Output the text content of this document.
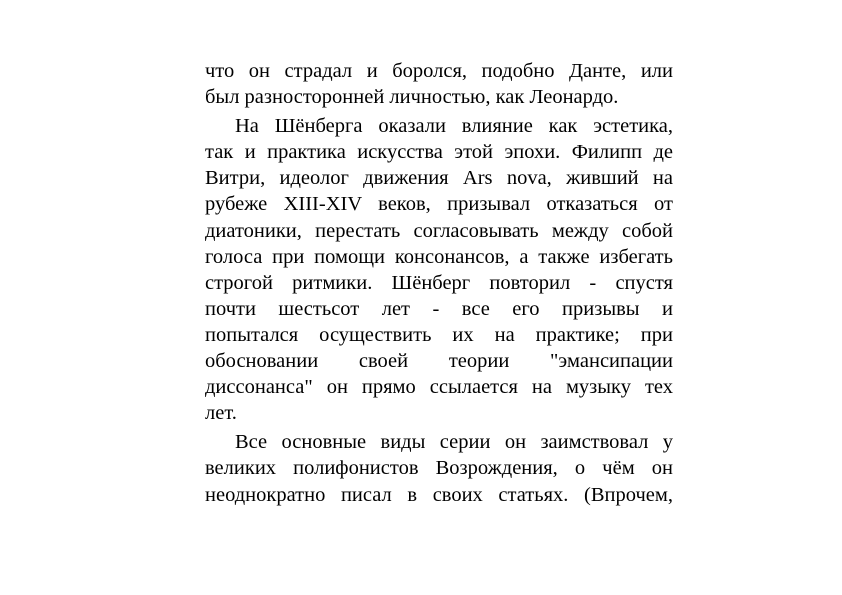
что он страдал и боролся, подобно Данте, или
был разносторонней личностью, как Леонардо.
На Шёнберга оказали влияние как эстетика,
так и практика искусства этой эпохи. Филипп де
Витри, идеолог движения Ars nova, живший на
рубеже XIII-XIV веков, призывал отказаться от
диатоники, перестать согласовывать между собой
голоса при помощи консонансов, а также избегать
строгой ритмики. Шёнберг повторил - спустя
почти шестьсот лет - все его призывы и
попытался осуществить их на практике; при
обосновании своей теории "эмансипации
диссонанса" он прямо ссылается на музыку тех
лет.
Все основные виды серии он заимствовал у
великих полифонистов Возрождения, о чём он
неоднократно писал в своих статьях. (Впрочем,
